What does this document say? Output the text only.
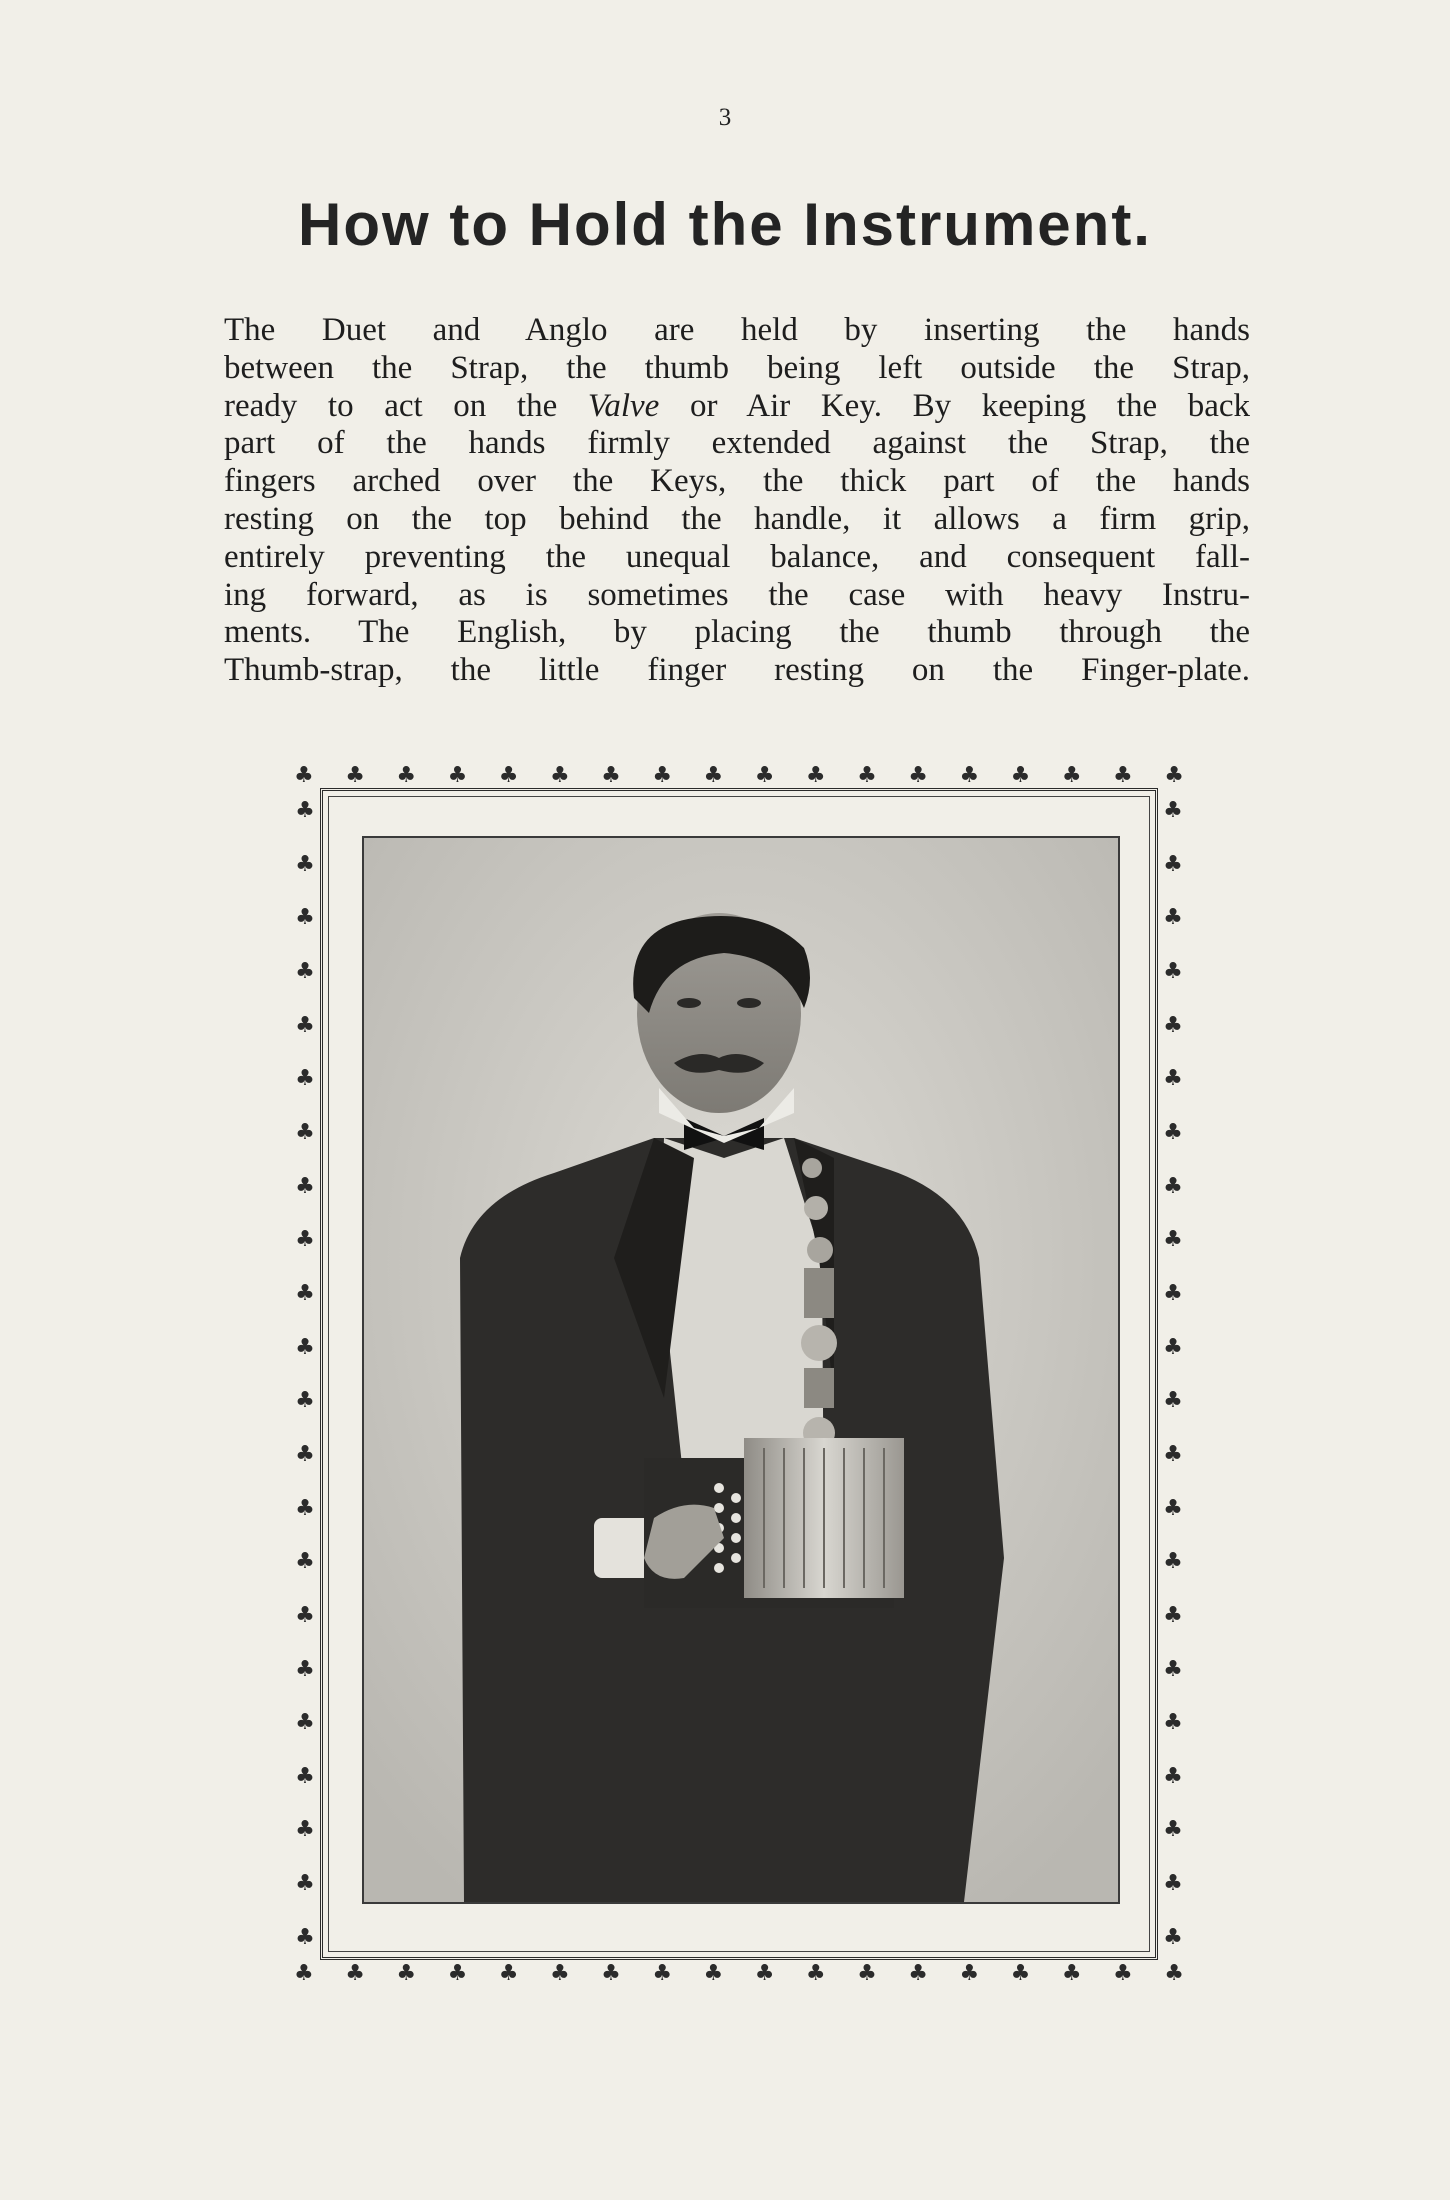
3
How to Hold the Instrument.
The Duet and Anglo are held by inserting the hands
between the Strap, the thumb being left outside the Strap,
ready to act on the Valve or Air Key. By keeping the back
part of the hands firmly extended against the Strap, the
fingers arched over the Keys, the thick part of the hands
resting on the top behind the handle, it allows a firm grip,
entirely preventing the unequal balance, and consequent fall-
ing forward, as is sometimes the case with heavy Instru-
ments. The English, by placing the thumb through the
Thumb-strap, the little finger resting on the Finger-plate.
♣ ♣ ♣ ♣ ♣ ♣ ♣ ♣ ♣ ♣ ♣ ♣ ♣ ♣ ♣ ♣ ♣ ♣
♣ ♣ ♣ ♣ ♣ ♣ ♣ ♣ ♣ ♣ ♣ ♣ ♣ ♣ ♣ ♣ ♣ ♣
♣
♣
♣
♣
♣
♣
♣
♣
♣
♣
♣
♣
♣
♣
♣
♣
♣
♣
♣
♣
♣
♣
♣
♣
♣
♣
♣
♣
♣
♣
♣
♣
♣
♣
♣
♣
♣
♣
♣
♣
♣
♣
♣
♣
